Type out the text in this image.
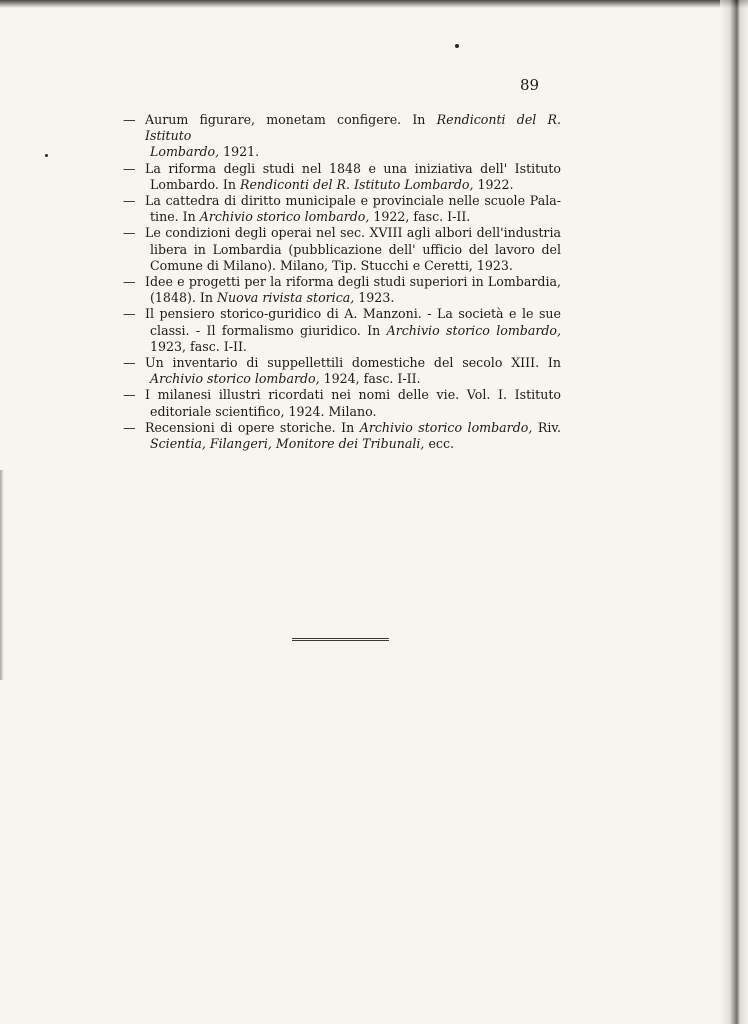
89

— Aurum figurare, monetam configere. In Rendiconti del R. Istituto
Lombardo, 1921.

— La riforma degli studi nel 1848 e una iniziativa dell' Istituto
Lombardo. In Rendiconti del R. Istituto Lombardo, 1922.

— La cattedra di diritto municipale e provinciale nelle scuole Pala-
tine. In Archivio storico lombardo, 1922, fasc. I-II.

— Le condizioni degli operai nel sec. XVIII agli albori dell'industria
libera in Lombardia (pubblicazione dell' ufficio del lavoro del
Comune di Milano). Milano, Tip. Stucchi e Ceretti, 1923.

— Idee e progetti per la riforma degli studi superiori in Lombardia,
(1848). In Nuova rivista storica, 1923.

— Il pensiero storico-guridico di A. Manzoni. - La società e le sue
classi. - Il formalismo giuridico. In Archivio storico lombardo,
1923, fasc. I-II.

— Un inventario di suppellettili domestiche del secolo XIII. In
Archivio storico lombardo, 1924, fasc. I-II.

— I milanesi illustri ricordati nei nomi delle vie. Vol. I. Istituto
editoriale scientifico, 1924. Milano.

— Recensioni di opere storiche. In Archivio storico lombardo, Riv.
Scientia, Filangeri, Monitore dei Tribunali, ecc.
